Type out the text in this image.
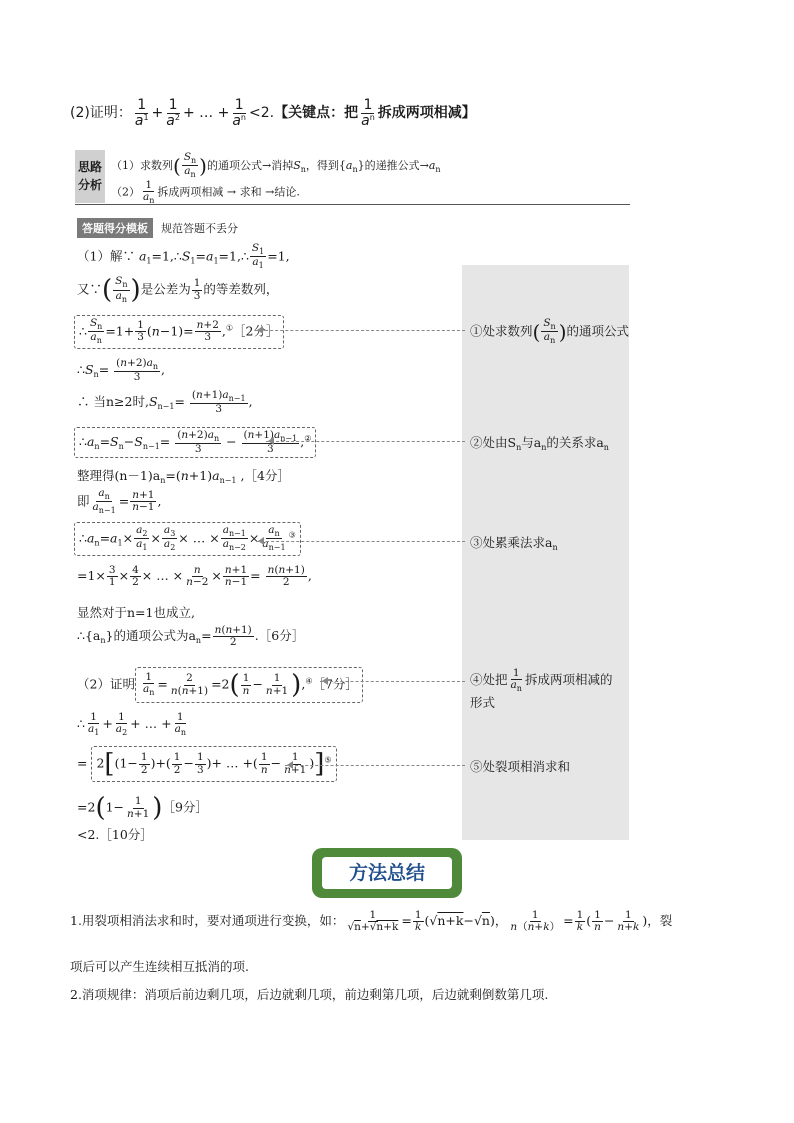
(2)证明： $\frac{1}{a^1} + \frac{1}{a^2}$ + … + $\frac{1}{a^n} <2$.【关键点：把 $\frac{1}{a^n}$ 拆成两项相减】
思路
分析
（1）求数列( $\frac{S_n}{a_n}$ )的通项公式→消掉$S_n$，得到$\{a_n\}$的递推公式$\to a_n$
$(2) \frac{1}{a_n}$ 拆成两项相减 → 求和 →结论.
答题得分模板 规范答题不丢分
（1）解∵ $a_1=1,\therefore S_1=a_1=1,\therefore \frac{S_1}{a_1} =1$,
又∵( $\frac{S_n}{a_n}$ )是公差为 $\frac{1}{3}$ 的等差数列，
∴ $\frac{S_n}{a_n} =1+ \frac{1}{3} (n-1)= \frac{n+2}{3}$ ,①［2分］
$\therefore S_n= \frac{(n+2)a_n}{3}$ ,
∴ 当n≥2时$,S_{n-1}= \frac{(n+1)a_{n-1}}{3}$ ,
$\therefore a_n=S_n-S_{n-1}= \frac{(n+2)a_n}{3} - \frac{(n+1)a_{n-1}}{3} ,^②$
整理得$(n-1)a_n=(n+1)a_{n-1}$ ,［4分］
即 $\frac{a_n}{a_{n-1}} = \frac{n+1}{n-1}$ ,
$\therefore a_n=a_1\times \frac{a_2}{a_1} \times \frac{a_3}{a_2}$ × … × $\frac{a_{n-1}}{a_{n-2}} \times \frac{a_n}{a_{n-1}} ^③$
$=1\times \frac{3}{1} \times \frac{4}{2}$ × … × $\frac{n}{n-2} \times \frac{n+1}{n-1} = \frac{n(n+1)}{2}$ ,
显然对于n=1也成立,
$\therefore\{a_n\}$的通项公式为$a_n= \frac{n(n+1)}{2}$ .［6分］
（2）证明 $\frac{1}{a_n} = \frac{2}{n(n+1)} =2( \frac{1}{n} - \frac{1}{n+1}$ ),④［7分］
∴ $\frac{1}{a_1} + \frac{1}{a_2}$ + … + $\frac{1}{a_n}$
= $2[(1- \frac{1}{2}$ )+( $\frac{1}{2} - \frac{1}{3}$ )+ … +( $\frac{1}{n} - \frac{1}{n+1} )]^⑤$
$=2(1- \frac{1}{n+1}$ )［9分］
<2.［10分］
①处求数列( $\frac{S_n}{a_n}$ )的通项公式
②处由$S_n$与$a_n$的关系求$a_n$
③处累乘法求$a_n$
④处把 $\frac{1}{a_n}$ 拆成两项相减的
形式
⑤处裂项相消求和
方法总结
1.用裂项相消法求和时，要对通项进行变换，如： $\frac{1}{√n+√n+k} = \frac{1}{k} (√n+k-√n)$， $\frac{1}{n(n+k)} = \frac{1}{k}$ ( $\frac{1}{n} - \frac{1}{n+k}$ )，裂
项后可以产生连续相互抵消的项.
2.消项规律：消项后前边剩几项，后边就剩几项，前边剩第几项，后边就剩倒数第几项.
